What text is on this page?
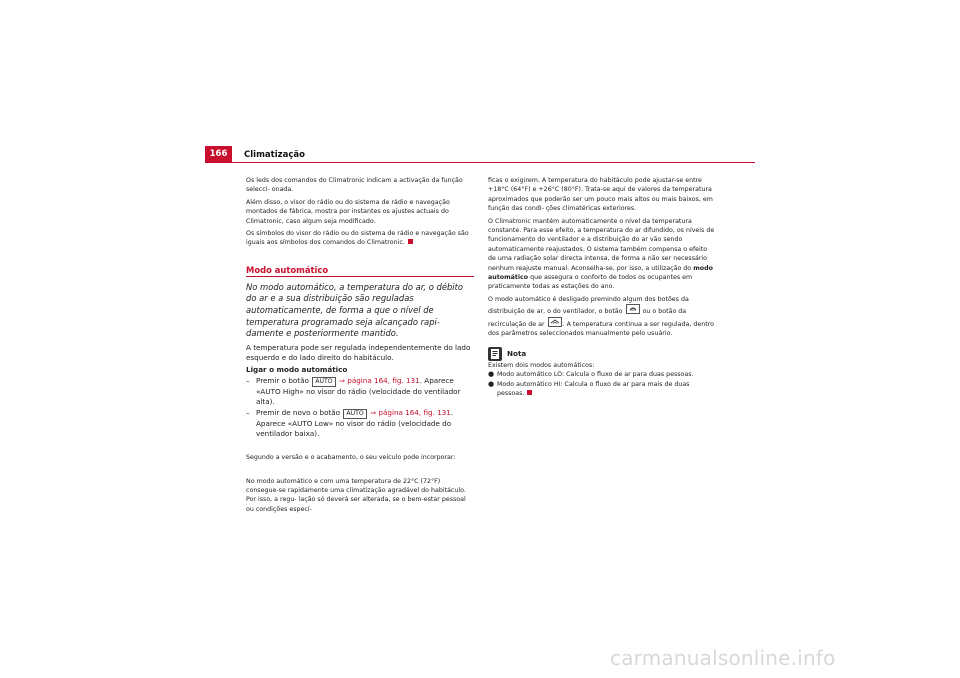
166	Climatização

Os leds dos comandos do Climatronic indicam a activação da função selecci- onada.

Além disso, o visor do rádio ou do sistema de rádio e navegação montados de fábrica, mostra por instantes os ajustes actuais do Climatronic, caso algum seja modificado.

Os símbolos do visor do rádio ou do sistema de rádio e navegação são iguais aos símbolos dos comandos do Climatronic.

Modo automático
No modo automático, a temperatura do ar, o débito do ar e a sua distribuição são reguladas automaticamente, de forma a que o nível de temperatura programado seja alcançado rapi- damente e posteriormente mantido.

A temperatura pode ser regulada independentemente do lado esquerdo e do lado direito do habitáculo.

Ligar o modo automático
– Premir o botão AUTO ⇒ página 164, fig. 131. Aparece «AUTO High» no visor do rádio (velocidade do ventilador alta).
– Premir de novo o botão AUTO ⇒ página 164, fig. 131. Aparece «AUTO Low» no visor do rádio (velocidade do ventilador baixa).

Segundo a versão e o acabamento, o seu veículo pode incorporar:

No modo automático e com uma temperatura de 22°C (72°F) consegue-se rapidamente uma climatização agradável do habitáculo. Por isso, a regu- lação só deverá ser alterada, se o bem-estar pessoal ou condições especí-

ficas o exigirem. A temperatura do habitáculo pode ajustar-se entre +18°C (64°F) e +26°C (80°F). Trata-se aqui de valores da temperatura aproximados que poderão ser um pouco mais altos ou mais baixos, em função das condi- ções climatéricas exteriores.

O Climatronic mantém automaticamente o nível da temperatura constante. Para esse efeito, a temperatura do ar difundido, os níveis de funcionamento do ventilador e a distribuição do ar vão sendo automaticamente reajustados. O sistema também compensa o efeito de uma radiação solar directa intensa, de forma a não ser necessário nenhum reajuste manual. Aconselha-se, por isso, a utilização do modo automático que assegura o conforto de todos os ocupantes em praticamente todas as estações do ano.

O modo automático é desligado premindo algum dos botões da distribuição de ar, o do ventilador, o botão	ou o botão da recirculação de ar	. A temperatura continua a ser regulada, dentro dos parâmetros seleccionados manualmente pelo usuário.

Nota

Existem dois modos automáticos:

● Modo automático LO: Calcula o fluxo de ar para duas pessoas.
● Modo automático HI: Calcula o fluxo de ar para mais de duas pessoas.
carmanualsonline.info
